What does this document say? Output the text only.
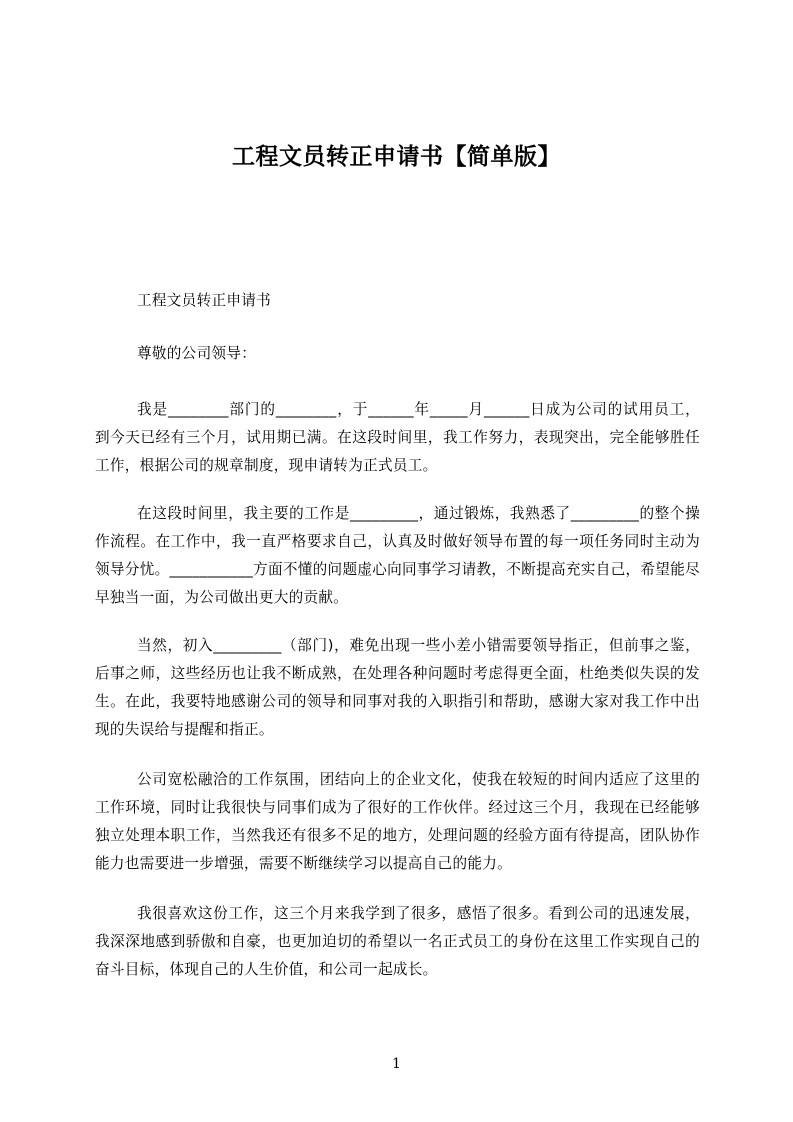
工程文员转正申请书【简单版】
工程文员转正申请书
尊敬的公司领导：

我是________部门的________，于______年_____月______日成为公司的试用员工，到今天已经有三个月，试用期已满。在这段时间里，我工作努力，表现突出，完全能够胜任工作，根据公司的规章制度，现申请转为正式员工。

在这段时间里，我主要的工作是_________，通过锻炼，我熟悉了_________的整个操作流程。在工作中，我一直严格要求自己，认真及时做好领导布置的每一项任务同时主动为领导分忧。___________方面不懂的问题虚心向同事学习请教，不断提高充实自己，希望能尽早独当一面，为公司做出更大的贡献。

当然，初入_________（部门)，难免出现一些小差小错需要领导指正，但前事之鉴，后事之师，这些经历也让我不断成熟，在处理各种问题时考虑得更全面，杜绝类似失误的发生。在此，我要特地感谢公司的领导和同事对我的入职指引和帮助，感谢大家对我工作中出现的失误给与提醒和指正。

公司宽松融洽的工作氛围，团结向上的企业文化，使我在较短的时间内适应了这里的工作环境，同时让我很快与同事们成为了很好的工作伙伴。经过这三个月，我现在已经能够独立处理本职工作，当然我还有很多不足的地方，处理问题的经验方面有待提高，团队协作能力也需要进一步增强，需要不断继续学习以提高自己的能力。

我很喜欢这份工作，这三个月来我学到了很多，感悟了很多。看到公司的迅速发展，我深深地感到骄傲和自豪，也更加迫切的希望以一名正式员工的身份在这里工作实现自己的奋斗目标，体现自己的人生价值，和公司一起成长。

1
